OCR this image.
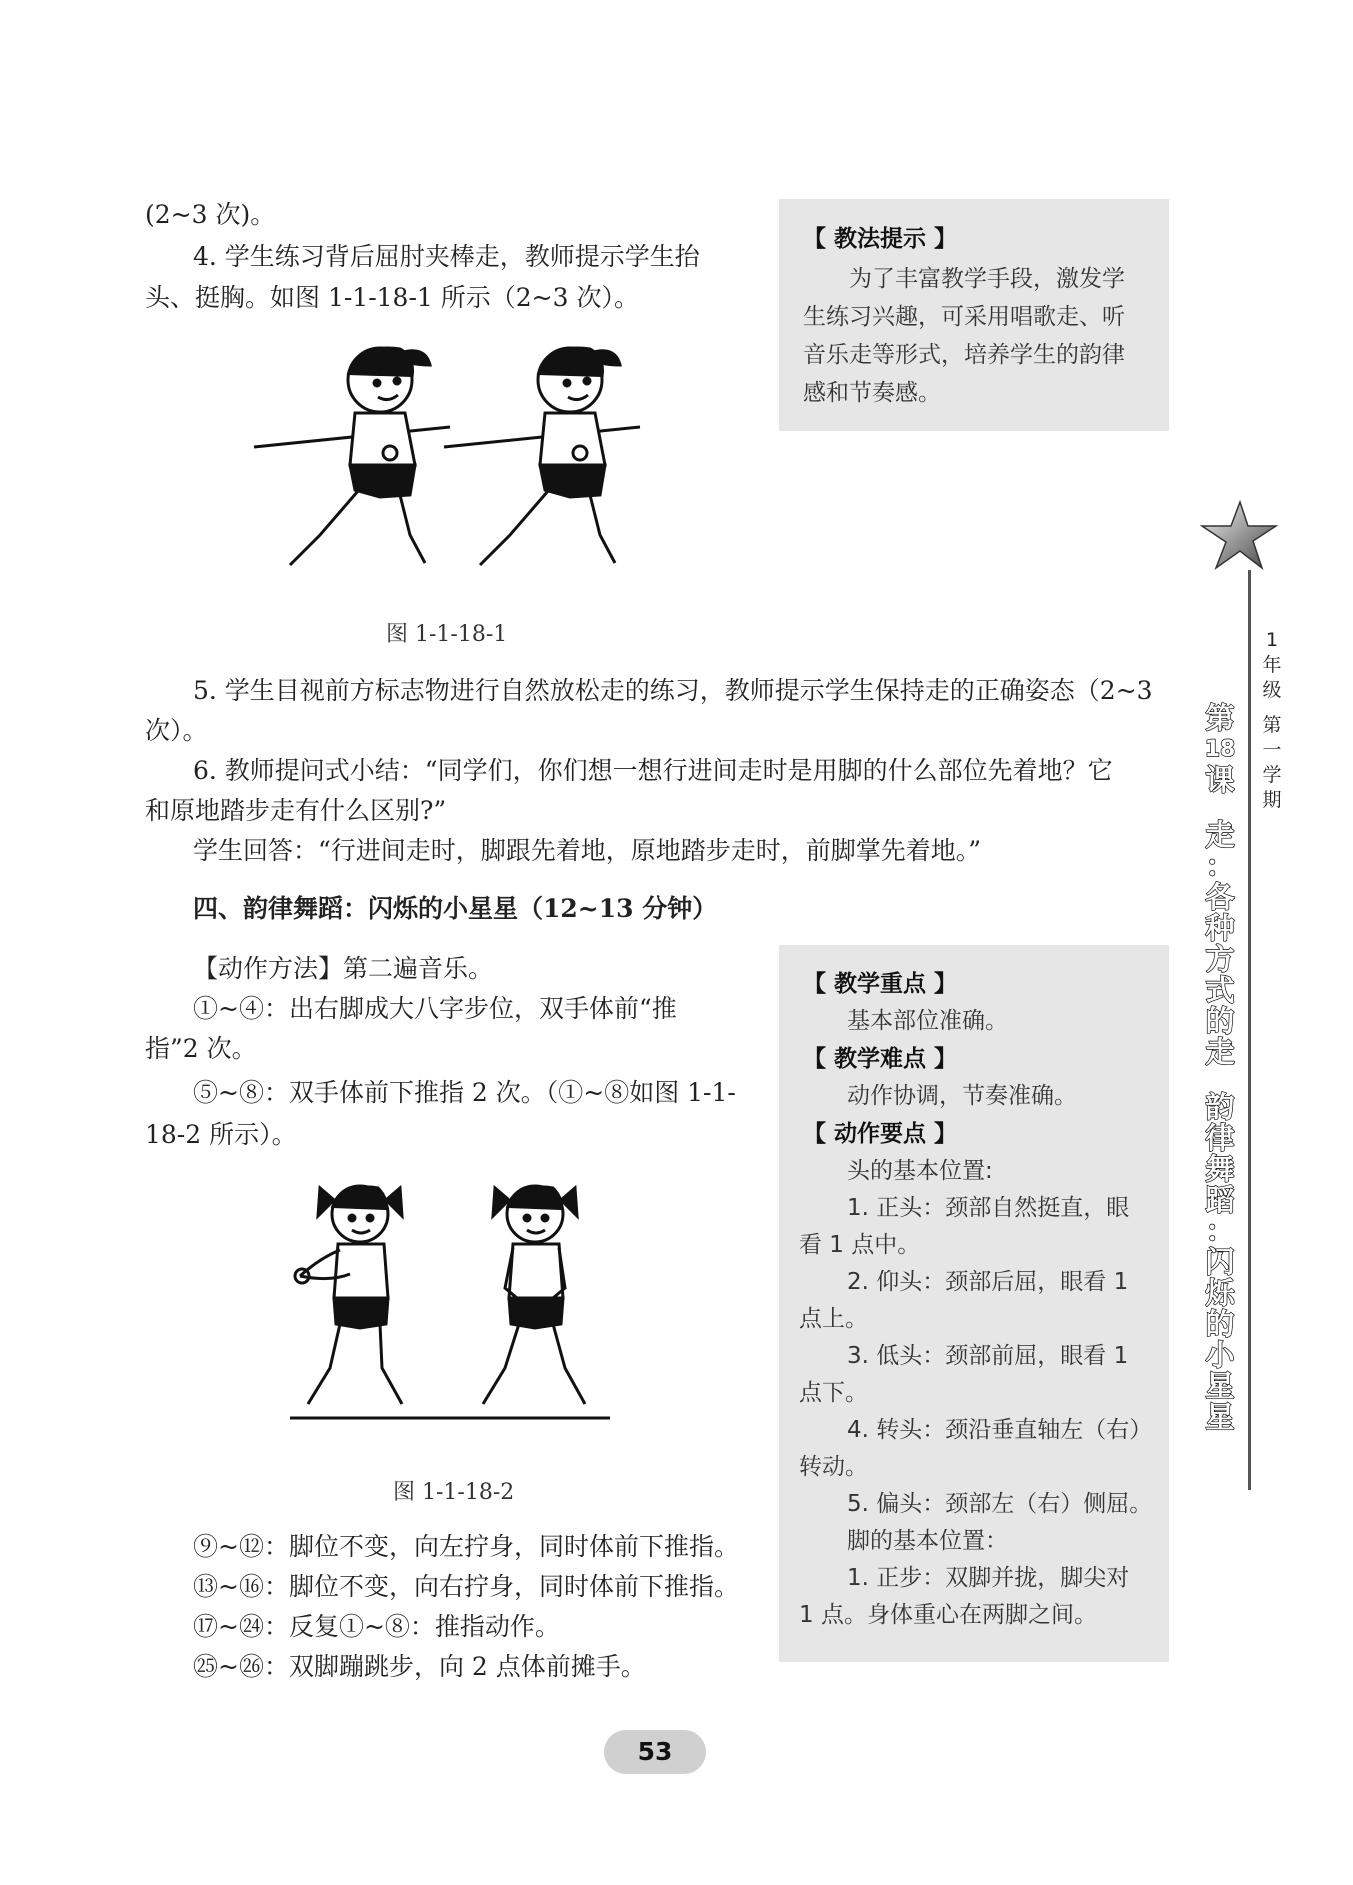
(2~3 次)。
4. 学生练习背后屈肘夹棒走，教师提示学生抬
头、挺胸。如图 1-1-18-1 所示（2~3 次）。
【 教法提示 】
为了丰富教学手段，激发学
生练习兴趣，可采用唱歌走、听
音乐走等形式，培养学生的韵律
感和节奏感。
图 1-1-18-1
5. 学生目视前方标志物进行自然放松走的练习，教师提示学生保持走的正确姿态（2~3
次）。
6. 教师提问式小结：“同学们，你们想一想行进间走时是用脚的什么部位先着地？它
和原地踏步走有什么区别?”
学生回答：“行进间走时，脚跟先着地，原地踏步走时，前脚掌先着地。”
四、韵律舞蹈：闪烁的小星星（12~13 分钟）
【动作方法】第二遍音乐。
①~④：出右脚成大八字步位，双手体前“推
指”2 次。
⑤~⑧：双手体前下推指 2 次。（①~⑧如图 1-1-
18-2 所示）。
图 1-1-18-2
⑨~⑫：脚位不变，向左拧身，同时体前下推指。
⑬~⑯：脚位不变，向右拧身，同时体前下推指。
⑰~㉔：反复①~⑧：推指动作。
㉕~㉖：双脚蹦跳步，向 2 点体前摊手。
【 教学重点 】
基本部位准确。
【 教学难点 】
动作协调，节奏准确。
【 动作要点 】
头的基本位置:
1. 正头：颈部自然挺直，眼
看 1 点中。
2. 仰头：颈部后屈，眼看 1
点上。
3. 低头：颈部前屈，眼看 1
点下。
4. 转头：颈沿垂直轴左（右）
转动。
5. 偏头：颈部左（右）侧屈。
脚的基本位置：
1. 正步：双脚并拢，脚尖对
1 点。身体重心在两脚之间。
1
年
级
第
一
学
期
第
18
课
走
：
各
种
方
式
的
走
韵
律
舞
蹈
：
闪
烁
的
小
星
星
53
